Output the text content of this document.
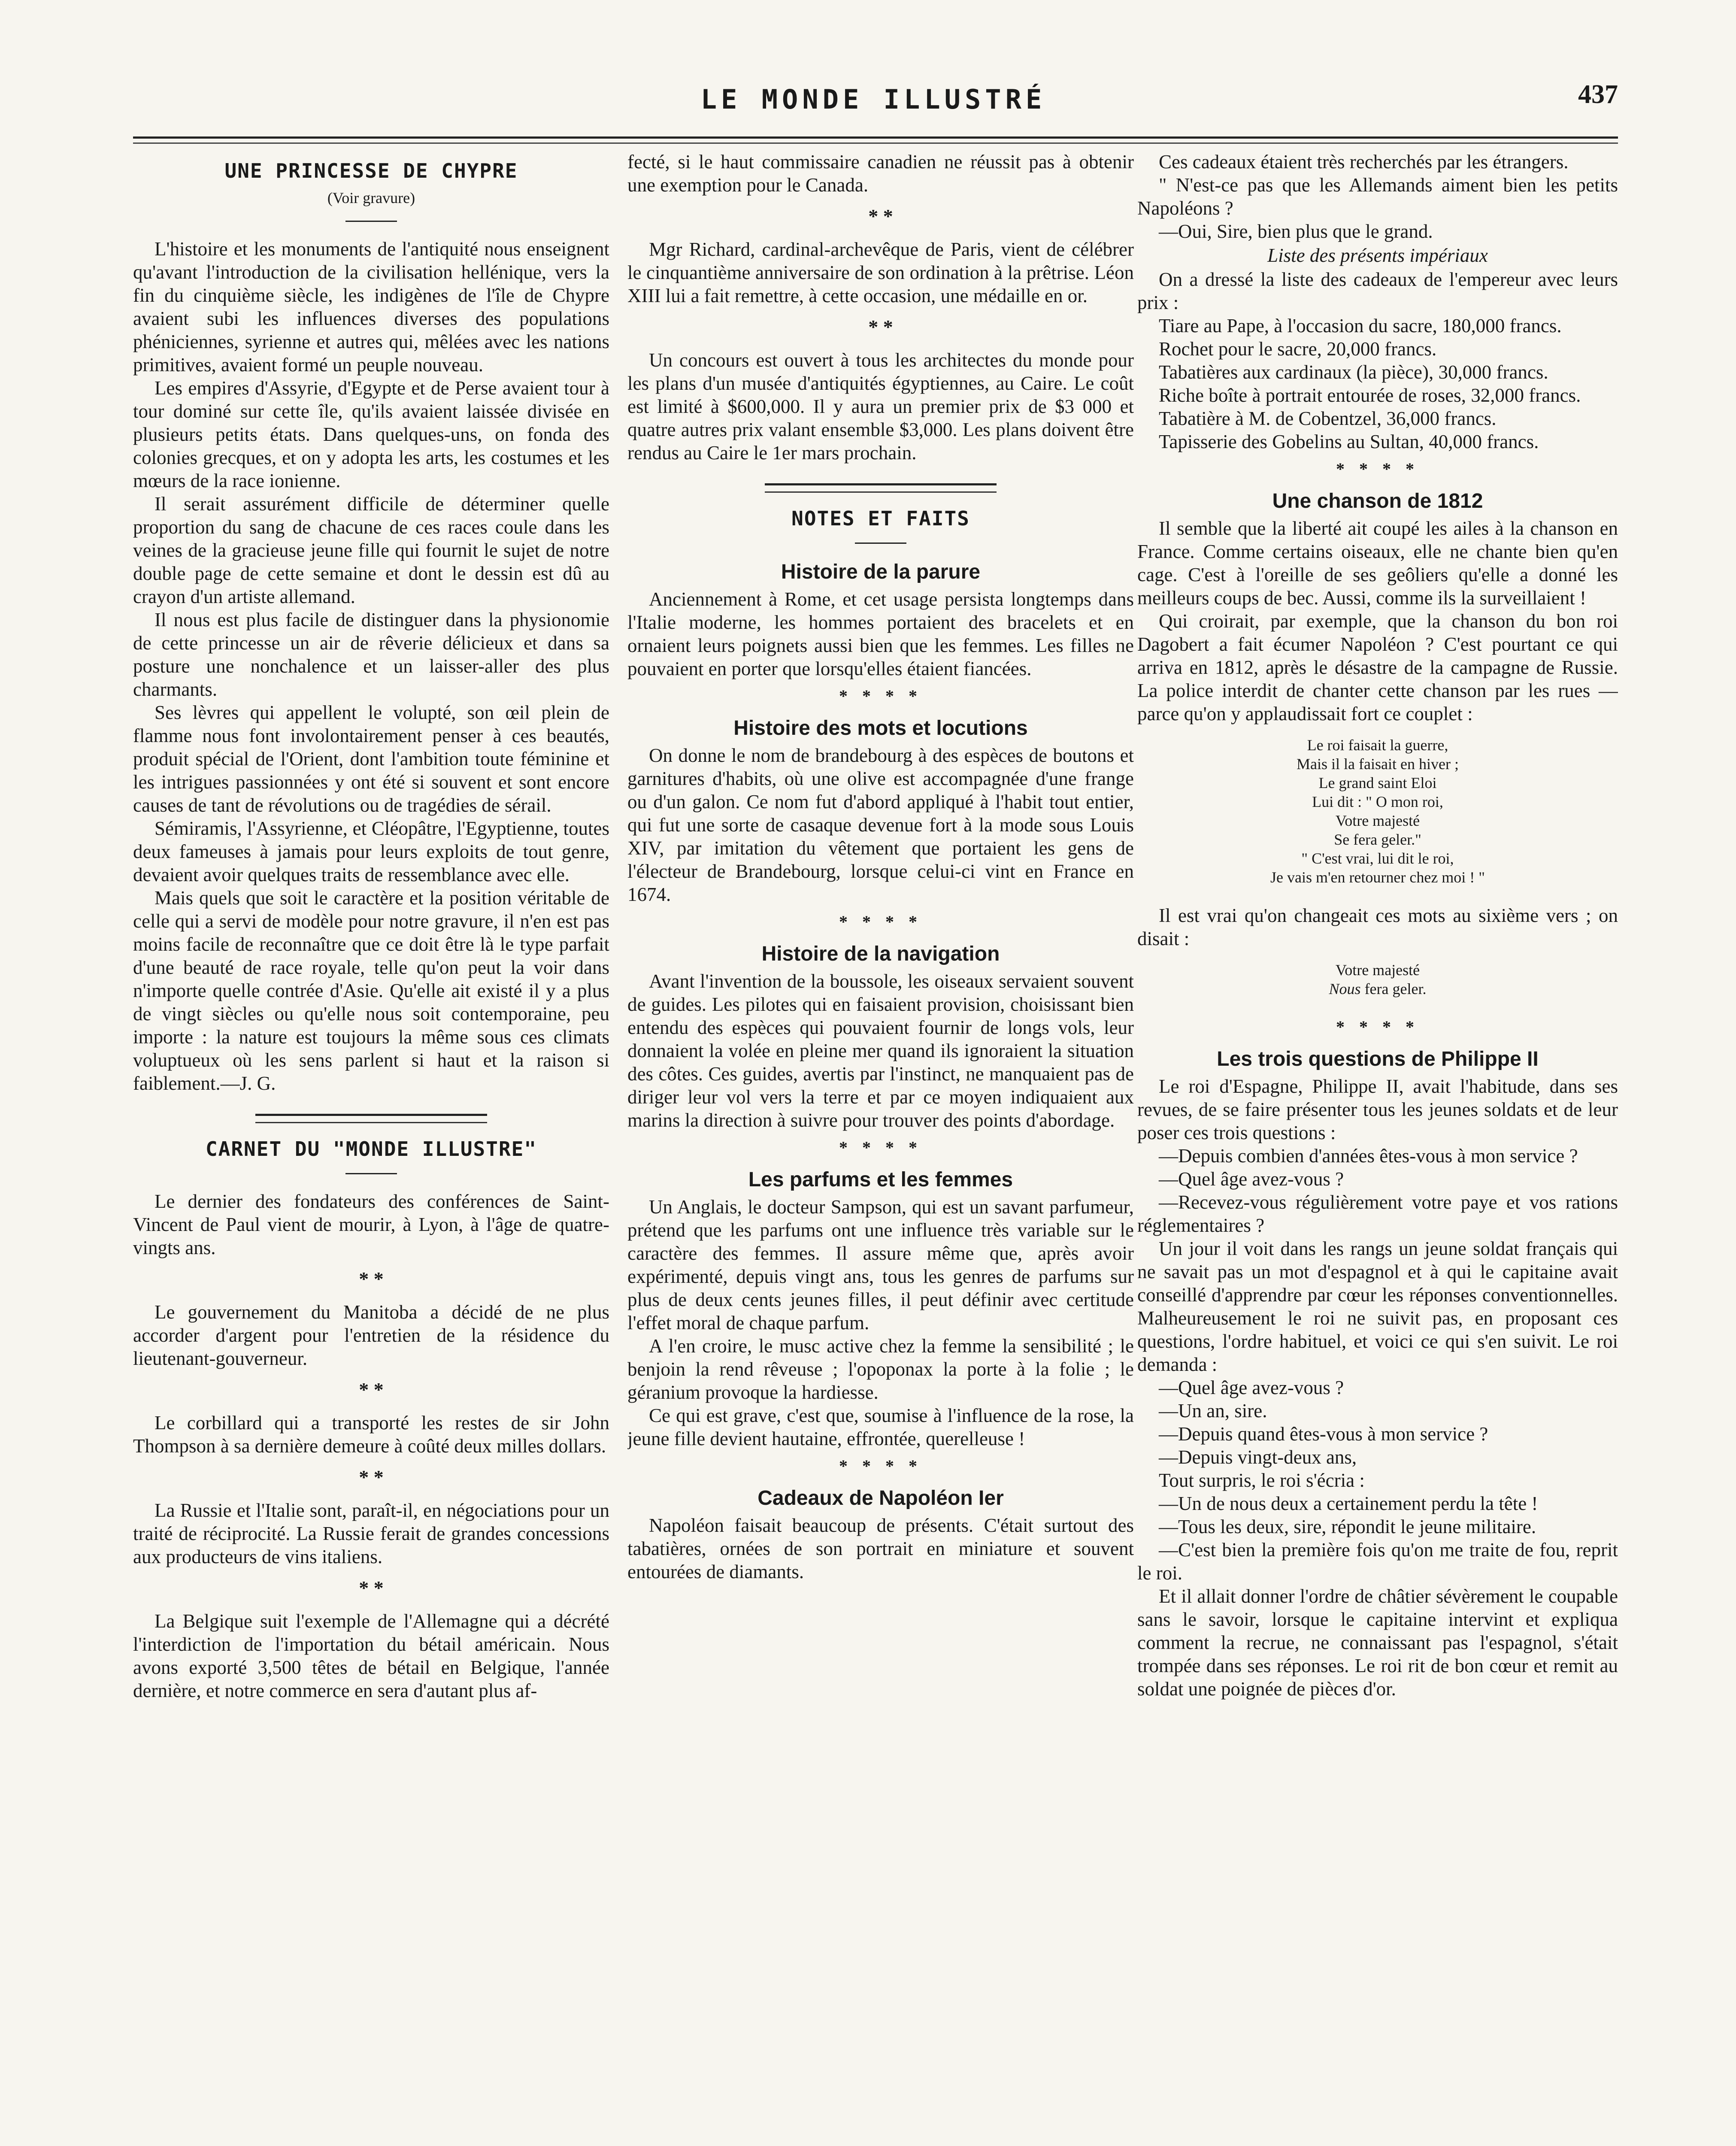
LE MONDE ILLUSTRÉ	437
UNE PRINCESSE DE CHYPRE
(Voir gravure)

L'histoire et les monuments de l'antiquité nous enseignent qu'avant l'introduction de la civilisation hellénique, vers la fin du cinquième siècle, les indigènes de l'île de Chypre avaient subi les influences diverses des populations phéniciennes, syrienne et autres qui, mêlées avec les nations primitives, avaient formé un peuple nouveau.

Les empires d'Assyrie, d'Egypte et de Perse avaient tour à tour dominé sur cette île, qu'ils avaient laissée divisée en plusieurs petits états. Dans quelques-uns, on fonda des colonies grecques, et on y adopta les arts, les costumes et les mœurs de la race ionienne.

Il serait assurément difficile de déterminer quelle proportion du sang de chacune de ces races coule dans les veines de la gracieuse jeune fille qui fournit le sujet de notre double page de cette semaine et dont le dessin est dû au crayon d'un artiste allemand.

Il nous est plus facile de distinguer dans la physionomie de cette princesse un air de rêverie délicieux et dans sa posture une nonchalence et un laisser-aller des plus charmants.

Ses lèvres qui appellent le volupté, son œil plein de flamme nous font involontairement penser à ces beautés, produit spécial de l'Orient, dont l'ambition toute féminine et les intrigues passionnées y ont été si souvent et sont encore causes de tant de révolutions ou de tragédies de sérail.

Sémiramis, l'Assyrienne, et Cléopâtre, l'Egyptienne, toutes deux fameuses à jamais pour leurs exploits de tout genre, devaient avoir quelques traits de ressemblance avec elle.

Mais quels que soit le caractère et la position véritable de celle qui a servi de modèle pour notre gravure, il n'en est pas moins facile de reconnaître que ce doit être là le type parfait d'une beauté de race royale, telle qu'on peut la voir dans n'importe quelle contrée d'Asie. Qu'elle ait existé il y a plus de vingt siècles ou qu'elle nous soit contemporaine, peu importe : la nature est toujours la même sous ces climats voluptueux où les sens parlent si haut et la raison si faiblement.—J. G.

CARNET DU "MONDE ILLUSTRE"

Le dernier des fondateurs des conférences de Saint-Vincent de Paul vient de mourir, à Lyon, à l'âge de quatre-vingts ans.

* *

Le gouvernement du Manitoba a décidé de ne plus accorder d'argent pour l'entretien de la résidence du lieutenant-gouverneur.

* *

Le corbillard qui a transporté les restes de sir John Thompson à sa dernière demeure à coûté deux milles dollars.

* *

La Russie et l'Italie sont, paraît-il, en négociations pour un traité de réciprocité. La Russie ferait de grandes concessions aux producteurs de vins italiens.

* *

La Belgique suit l'exemple de l'Allemagne qui a décrété l'interdiction de l'importation du bétail américain. Nous avons exporté 3,500 têtes de bétail en Belgique, l'année dernière, et notre commerce en sera d'autant plus af-

fecté, si le haut commissaire canadien ne réussit pas à obtenir une exemption pour le Canada.

* *

Mgr Richard, cardinal-archevêque de Paris, vient de célébrer le cinquantième anniversaire de son ordination à la prêtrise. Léon XIII lui a fait remettre, à cette occasion, une médaille en or.

* *

Un concours est ouvert à tous les architectes du monde pour les plans d'un musée d'antiquités égyptiennes, au Caire. Le coût est limité à $600,000. Il y aura un premier prix de $3 000 et quatre autres prix valant ensemble $3,000. Les plans doivent être rendus au Caire le 1er mars prochain.

NOTES ET FAITS
Histoire de la parure

Anciennement à Rome, et cet usage persista longtemps dans l'Italie moderne, les hommes portaient des bracelets et en ornaient leurs poignets aussi bien que les femmes. Les filles ne pouvaient en porter que lorsqu'elles étaient fiancées.

* * * *
Histoire des mots et locutions

On donne le nom de brandebourg à des espèces de boutons et garnitures d'habits, où une olive est accompagnée d'une frange ou d'un galon. Ce nom fut d'abord appliqué à l'habit tout entier, qui fut une sorte de casaque devenue fort à la mode sous Louis XIV, par imitation du vêtement que portaient les gens de l'électeur de Brandebourg, lorsque celui-ci vint en France en 1674.

* * * *
Histoire de la navigation

Avant l'invention de la boussole, les oiseaux servaient souvent de guides. Les pilotes qui en faisaient provision, choisissant bien entendu des espèces qui pouvaient fournir de longs vols, leur donnaient la volée en pleine mer quand ils ignoraient la situation des côtes. Ces guides, avertis par l'instinct, ne manquaient pas de diriger leur vol vers la terre et par ce moyen indiquaient aux marins la direction à suivre pour trouver des points d'abordage.

* * * *
Les parfums et les femmes

Un Anglais, le docteur Sampson, qui est un savant parfumeur, prétend que les parfums ont une influence très variable sur le caractère des femmes. Il assure même que, après avoir expérimenté, depuis vingt ans, tous les genres de parfums sur plus de deux cents jeunes filles, il peut définir avec certitude l'effet moral de chaque parfum.

A l'en croire, le musc active chez la femme la sensibilité ; le benjoin la rend rêveuse ; l'opoponax la porte à la folie ; le géranium provoque la hardiesse.

Ce qui est grave, c'est que, soumise à l'influence de la rose, la jeune fille devient hautaine, effrontée, querelleuse !

* * * *
Cadeaux de Napoléon Ier

Napoléon faisait beaucoup de présents. C'était surtout des tabatières, ornées de son portrait en miniature et souvent entourées de diamants.

Ces cadeaux étaient très recherchés par les étrangers.

" N'est-ce pas que les Allemands aiment bien les petits Napoléons ?

—Oui, Sire, bien plus que le grand.

Liste des présents impériaux

On a dressé la liste des cadeaux de l'empereur avec leurs prix :

Tiare au Pape, à l'occasion du sacre, 180,000 francs.

Rochet pour le sacre, 20,000 francs.

Tabatières aux cardinaux (la pièce), 30,000 francs.

Riche boîte à portrait entourée de roses, 32,000 francs.

Tabatière à M. de Cobentzel, 36,000 francs.

Tapisserie des Gobelins au Sultan, 40,000 francs.

* * * *
Une chanson de 1812

Il semble que la liberté ait coupé les ailes à la chanson en France. Comme certains oiseaux, elle ne chante bien qu'en cage. C'est à l'oreille de ses geôliers qu'elle a donné les meilleurs coups de bec. Aussi, comme ils la surveillaient !

Qui croirait, par exemple, que la chanson du bon roi Dagobert a fait écumer Napoléon ? C'est pourtant ce qui arriva en 1812, après le désastre de la campagne de Russie. La police interdit de chanter cette chanson par les rues —parce qu'on y applaudissait fort ce couplet :

Le roi faisait la guerre,
Mais il la faisait en hiver ;
Le grand saint Eloi
Lui dit : " O mon roi,
Votre majesté
Se fera geler."
" C'est vrai, lui dit le roi,
Je vais m'en retourner chez moi ! "

Il est vrai qu'on changeait ces mots au sixième vers ; on disait :

Votre majesté
Nous fera geler.
* * * *
Les trois questions de Philippe II

Le roi d'Espagne, Philippe II, avait l'habitude, dans ses revues, de se faire présenter tous les jeunes soldats et de leur poser ces trois questions :

—Depuis combien d'années êtes-vous à mon service ?

—Quel âge avez-vous ?

—Recevez-vous régulièrement votre paye et vos rations réglementaires ?

Un jour il voit dans les rangs un jeune soldat français qui ne savait pas un mot d'espagnol et à qui le capitaine avait conseillé d'apprendre par cœur les réponses conventionnelles. Malheureusement le roi ne suivit pas, en proposant ces questions, l'ordre habituel, et voici ce qui s'en suivit. Le roi demanda :

—Quel âge avez-vous ?

—Un an, sire.

—Depuis quand êtes-vous à mon service ?

—Depuis vingt-deux ans,

Tout surpris, le roi s'écria :

—Un de nous deux a certainement perdu la tête !

—Tous les deux, sire, répondit le jeune militaire.

—C'est bien la première fois qu'on me traite de fou, reprit le roi.

Et il allait donner l'ordre de châtier sévèrement le coupable sans le savoir, lorsque le capitaine intervint et expliqua comment la recrue, ne connaissant pas l'espagnol, s'était trompée dans ses réponses. Le roi rit de bon cœur et remit au soldat une poignée de pièces d'or.
